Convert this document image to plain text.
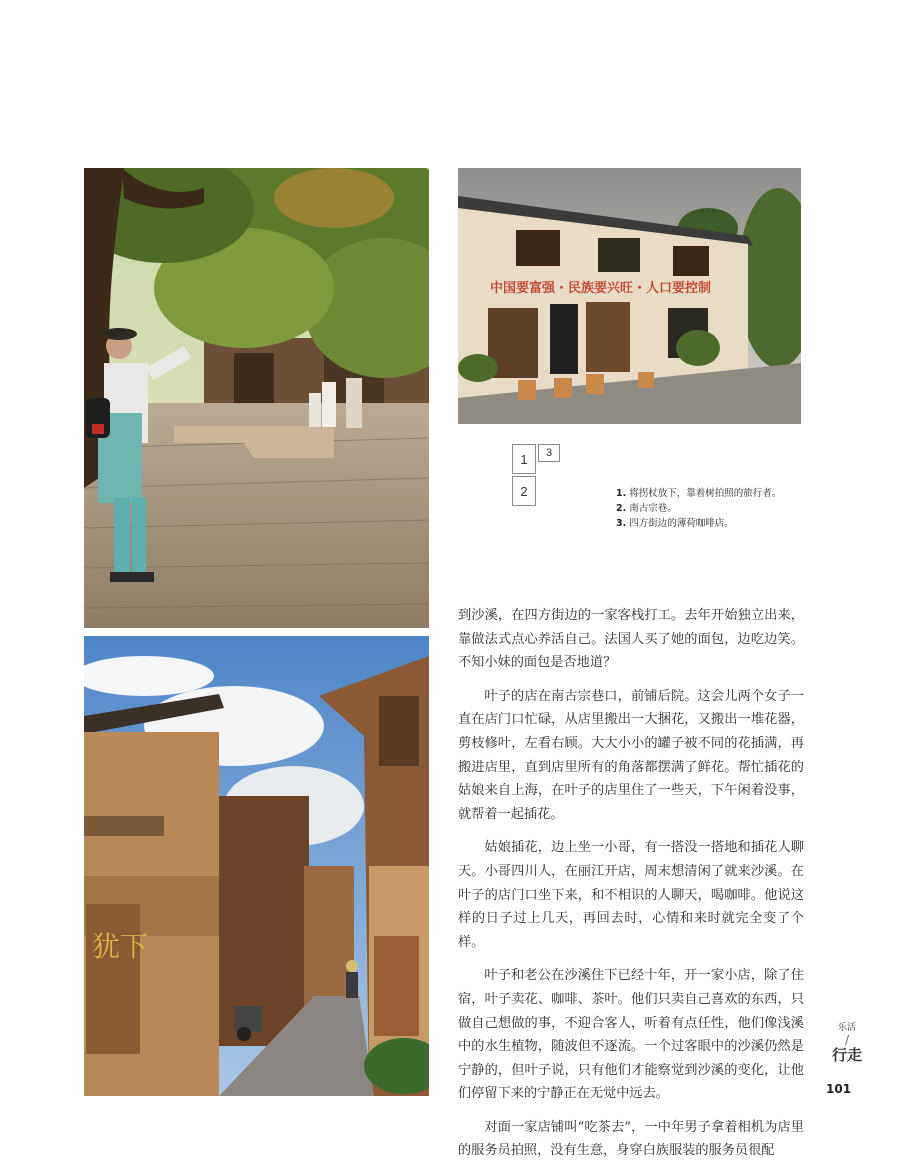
中国要富强・民族要兴旺・人口要控制
犹下
1	3
2	1. 将拐杖放下，靠着树拍照的旅行者。
2. 南古宗巷。
3. 四方街边的薄荷咖啡店。

到沙溪，在四方街边的一家客栈打工。去年开始独立出来，靠做法式点心养活自己。法国人买了她的面包，边吃边笑。不知小妹的面包是否地道？

叶子的店在南古宗巷口，前铺后院。这会儿两个女子一直在店门口忙碌，从店里搬出一大捆花，又搬出一堆花器，剪枝修叶，左看右顾。大大小小的罐子被不同的花插满，再搬进店里，直到店里所有的角落都摆满了鲜花。帮忙插花的姑娘来自上海，在叶子的店里住了一些天，下午闲着没事，就帮着一起插花。

姑娘插花，边上坐一小哥，有一搭没一搭地和插花人聊天。小哥四川人，在丽江开店，周末想清闲了就来沙溪。在叶子的店门口坐下来，和不相识的人聊天，喝咖啡。他说这样的日子过上几天，再回去时，心情和来时就完全变了个样。

叶子和老公在沙溪住下已经十年，开一家小店，除了住宿，叶子卖花、咖啡、茶叶。他们只卖自己喜欢的东西，只做自己想做的事，不迎合客人，听着有点任性，他们像浅溪中的水生植物，随波但不逐流。一个过客眼中的沙溪仍然是宁静的，但叶子说，只有他们才能察觉到沙溪的变化，让他们停留下来的宁静正在无觉中远去。

对面一家店铺叫“吃茶去”，一中年男子拿着相机为店里的服务员拍照，没有生意，身穿白族服装的服务员很配

乐活
/
行走
101
